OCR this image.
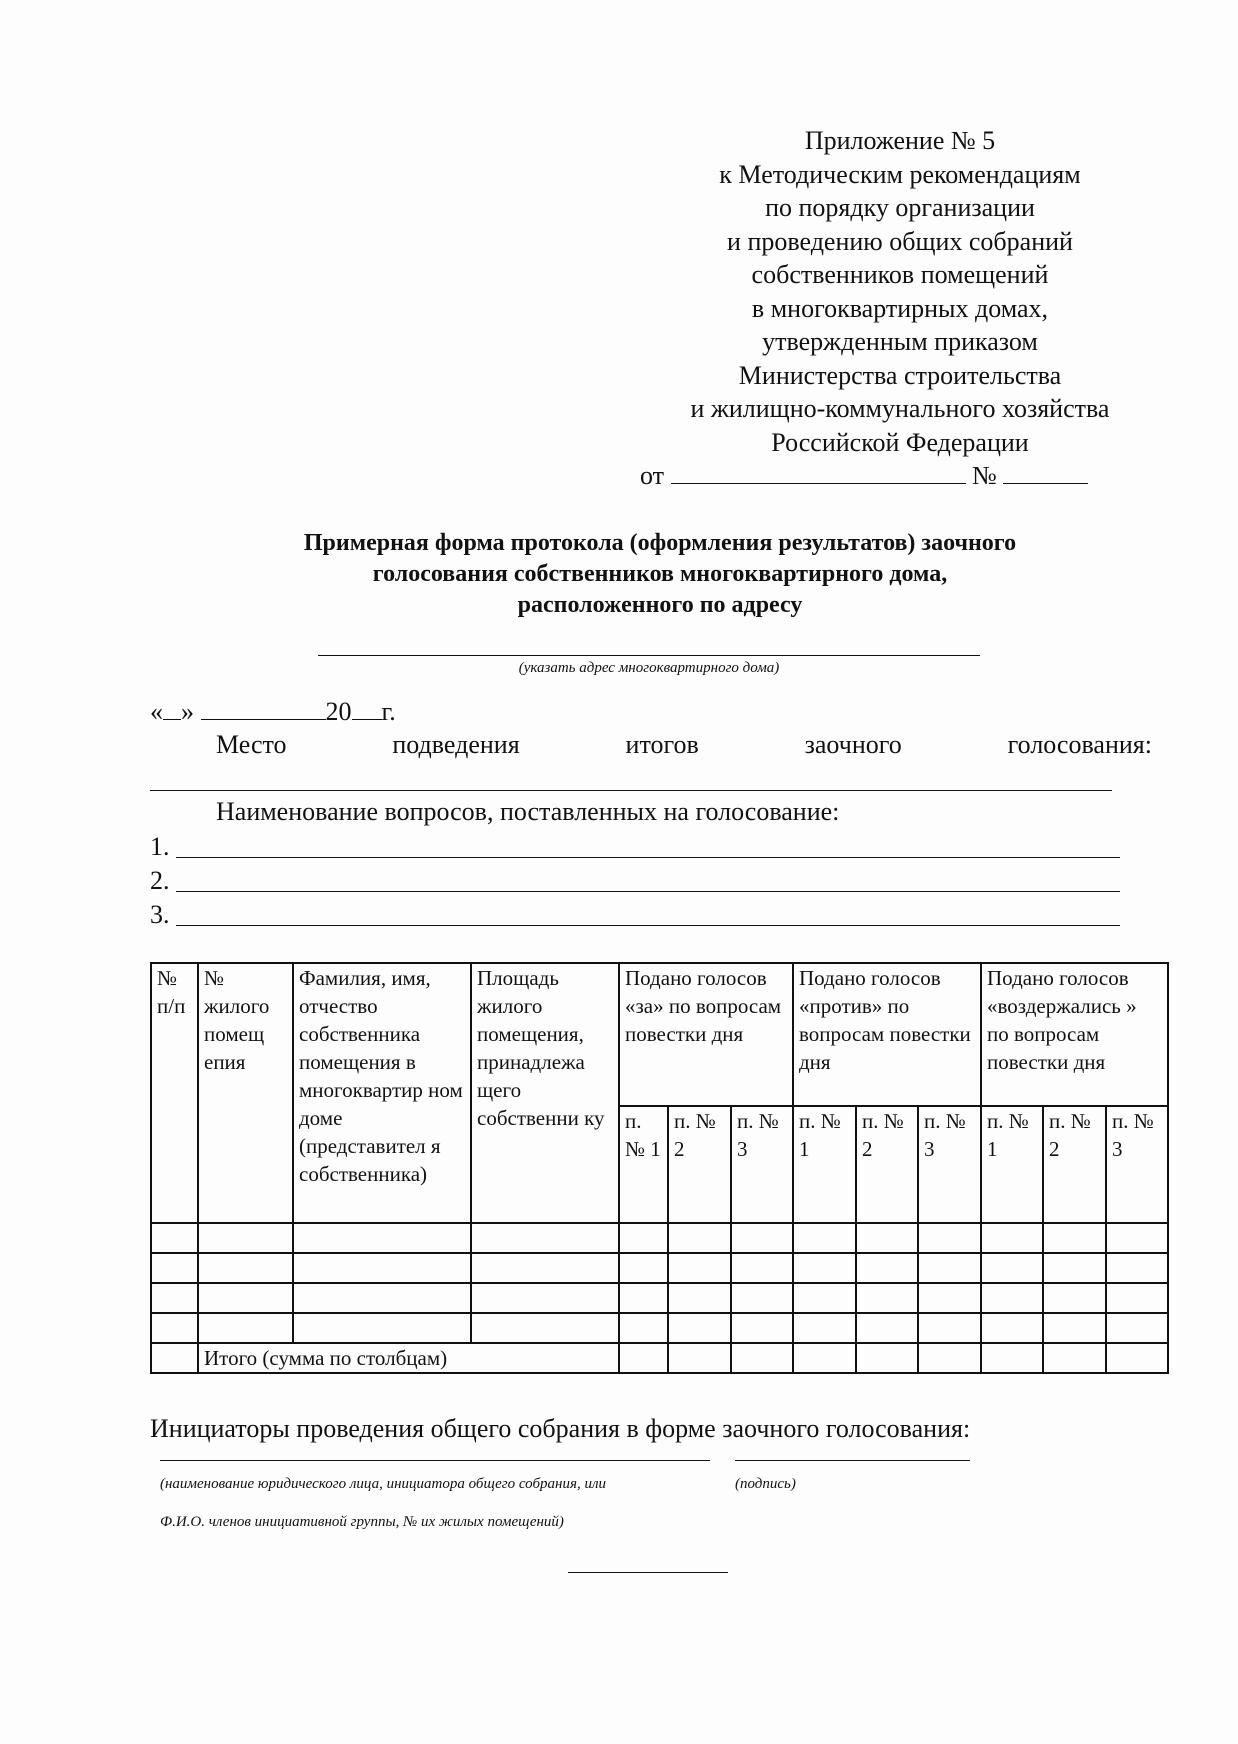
Приложение № 5
к Методическим рекомендациям
по порядку организации
и проведению общих собраний
собственников помещений
в многоквартирных домах,
утвержденным приказом
Министерства строительства
и жилищно-коммунального хозяйства
Российской Федерации
от	№
Примерная форма протокола (оформления результатов) заочного
голосования собственников многоквартирного дома,
расположенного по адресу
(указать адрес многоквартирного дома)
« »	20 г.
Место	подведения	итогов	заочного	голосования:
Наименование вопросов, поставленных на голосование:
1.
2.
3.
№ п/п	№ жилого помещ епия	Фамилия, имя, отчество собственника помещения в многоквартир ном доме (представител я собственника)	Площадь жилого помещения, принадлежа щего собственни ку	Подано голосов «за» по вопросам повестки дня			Подано голосов «против» по вопросам повестки дня			Подано голосов «воздержались » по вопросам повестки дня		
				п. № 1	п. № 2	п. № 3	п. № 1	п. № 2	п. № 3	п. № 1	п. № 2	п. № 3

	Итого (сумма по столбцам)											
Инициаторы проведения общего собрания в форме заочного голосования:
(наименование юридического лица, инициатора общего собрания, или	(подпись)
Ф.И.О. членов инициативной группы, № их жилых помещений)
